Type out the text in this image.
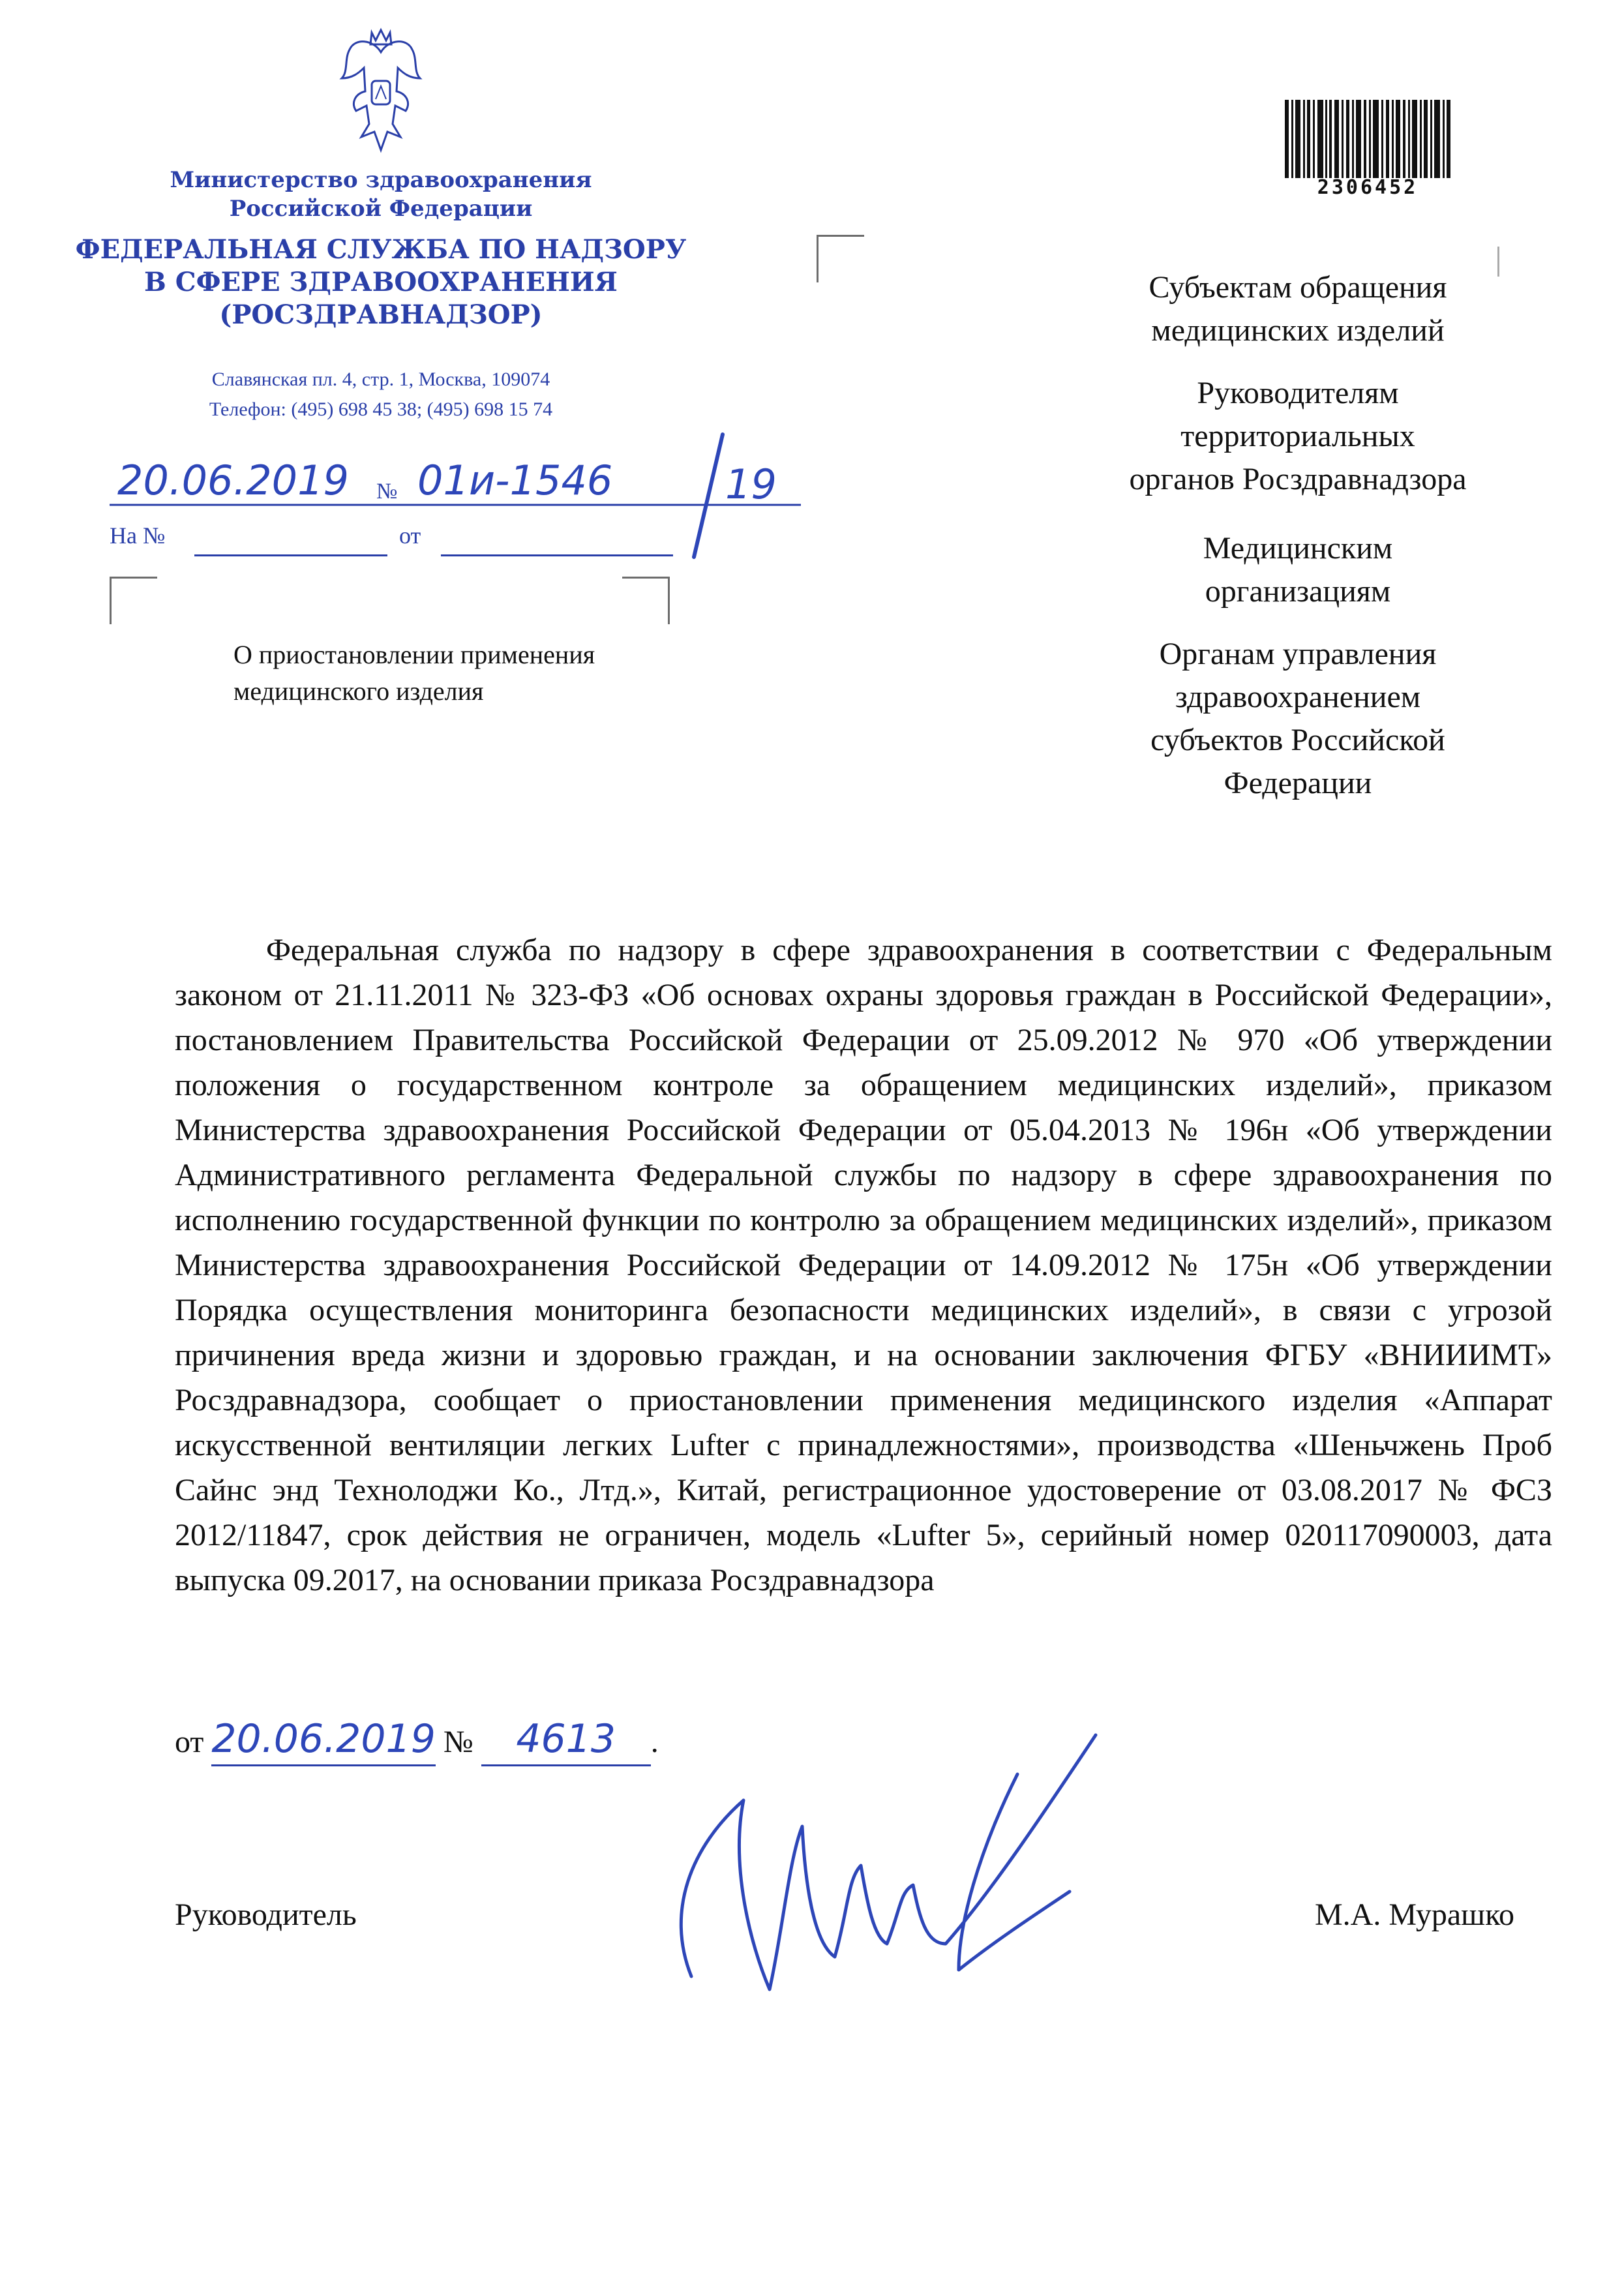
Министерство здравоохранения
Российской Федерации
ФЕДЕРАЛЬНАЯ СЛУЖБА ПО НАДЗОРУ
В СФЕРЕ ЗДРАВООХРАНЕНИЯ
(РОСЗДРАВНАДЗОР)
Славянская пл. 4, стр. 1, Москва, 109074
Телефон: (495) 698 45 38; (495) 698 15 74
20.06.2019 № 01и-1546	19
На №	от
О приостановлении применения
медицинского изделия
2306452
Субъектам обращения
медицинских изделий
Руководителям
территориальных
органов Росздравнадзора
Медицинским
организациям
Органам управления
здравоохранением
субъектов Российской
Федерации

Федеральная служба по надзору в сфере здравоохранения в соответствии с Федеральным законом от 21.11.2011 № 323-ФЗ «Об основах охраны здоровья граждан в Российской Федерации», постановлением Правительства Российской Федерации от 25.09.2012 № 970 «Об утверждении положения о государственном контроле за обращением медицинских изделий», приказом Министерства здравоохранения Российской Федерации от 05.04.2013 № 196н «Об утверждении Административного регламента Федеральной службы по надзору в сфере здравоохранения по исполнению государственной функции по контролю за обращением медицинских изделий», приказом Министерства здравоохранения Российской Федерации от 14.09.2012 № 175н «Об утверждении Порядка осуществления мониторинга безопасности медицинских изделий», в связи с угрозой причинения вреда жизни и здоровью граждан, и на основании заключения ФГБУ «ВНИИИМТ» Росздравнадзора, сообщает о приостановлении применения медицинского изделия «Аппарат искусственной вентиляции легких Lufter с принадлежностями», производства «Шеньчжень Проб Сайнс энд Технолоджи Ко., Лтд.», Китай, регистрационное удостоверение от 03.08.2017 № ФСЗ 2012/11847, срок действия не ограничен, модель «Lufter 5», серийный номер 020117090003, дата выпуска 09.2017, на основании приказа Росздравнадзора

от 20.06.2019 № 4613 .
Руководитель	М.А. Мурашко
